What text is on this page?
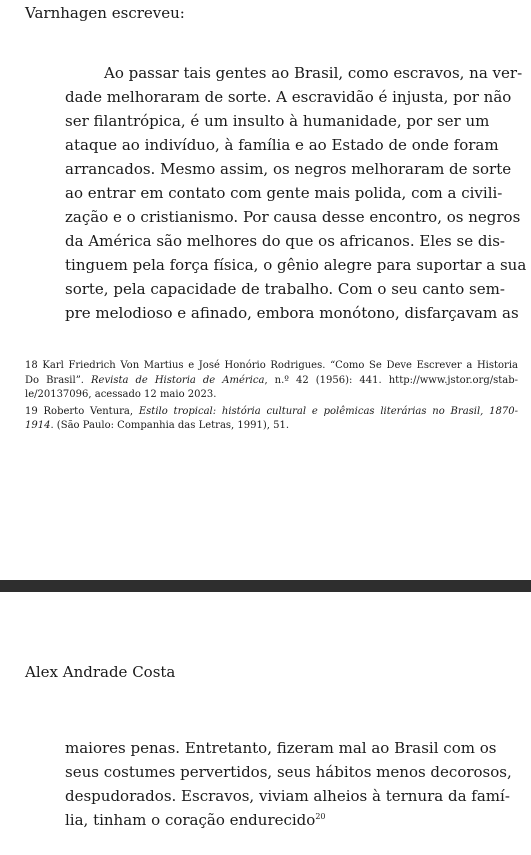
Varnhagen escreveu:
Ao passar tais gentes ao Brasil, como escravos, na ver-
dade melhoraram de sorte. A escravidão é injusta, por não
ser filantrópica, é um insulto à humanidade, por ser um
ataque ao indivíduo, à família e ao Estado de onde foram
arrancados. Mesmo assim, os negros melhoraram de sorte
ao entrar em contato com gente mais polida, com a civili-
zação e o cristianismo. Por causa desse encontro, os negros
da América são melhores do que os africanos. Eles se dis-
tinguem pela força física, o gênio alegre para suportar a sua
sorte, pela capacidade de trabalho. Com o seu canto sem-
pre melodioso e afinado, embora monótono, disfarçavam as
18 Karl Friedrich Von Martius e José Honório Rodrigues. “Como Se Deve Escrever a Historia
Do Brasil”. Revista de Historia de América, n.º 42 (1956): 441. http://www.jstor.org/stab-
le/20137096, acessado 12 maio 2023.
19 Roberto Ventura, Estilo tropical: história cultural e polêmicas literárias no Brasil, 1870-
1914. (São Paulo: Companhia das Letras, 1991), 51.
Alex Andrade Costa
maiores penas. Entretanto, fizeram mal ao Brasil com os
seus costumes pervertidos, seus hábitos menos decorosos,
despudorados. Escravos, viviam alheios à ternura da famí-
lia, tinham o coração endurecido$^{20}$
